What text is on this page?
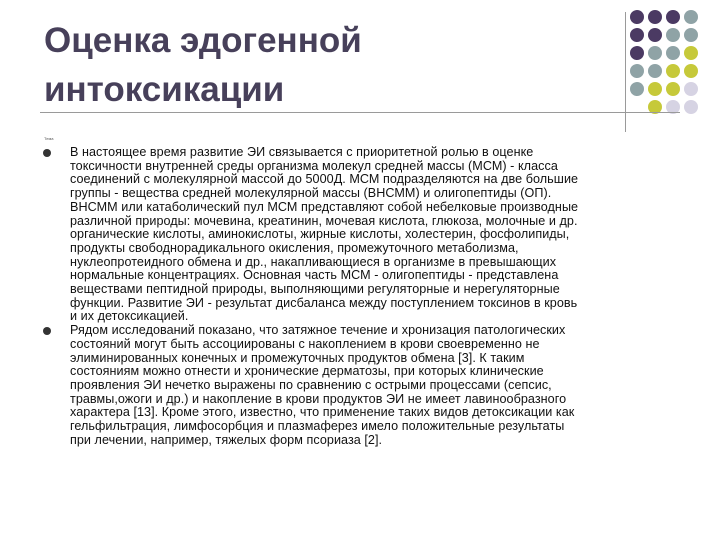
Оценка эдогенной
интоксикации
Тема
В настоящее время развитие ЭИ связывается с приоритетной ролью в оценке
токсичности внутренней среды организма молекул средней массы (МСМ) - класса
соединений с молекулярной массой до 5000Д. МСМ подразделяются на две большие
группы - вещества средней молекулярной массы (ВНСММ) и олигопептиды (ОП).
ВНСММ или катаболический пул МСМ представляют собой небелковые производные
различной природы: мочевина, креатинин, мочевая кислота, глюкоза, молочные и др.
органические кислоты, аминокислоты, жирные кислоты, холестерин, фосфолипиды,
продукты свободнорадикального окисления, промежуточного метаболизма,
нуклеопротеидного обмена и др., накапливающиеся в организме в превышающих
нормальные концентрациях. Основная часть МСМ - олигопептиды - представлена
веществами пептидной природы, выполняющими регуляторные и нерегуляторные
функции. Развитие ЭИ - результат дисбаланса между поступлением токсинов в кровь
и их детоксикацией.
Рядом исследований показано, что затяжное течение и хронизация патологических
состояний могут быть ассоциированы с накоплением в крови своевременно не
элиминированных конечных и промежуточных продуктов обмена [3]. К таким
состояниям можно отнести и хронические дерматозы, при которых клинические
проявления ЭИ нечетко выражены по сравнению с острыми процессами (сепсис,
травмы,ожоги и др.) и накопление в крови продуктов ЭИ не имеет лавинообразного
характера [13]. Кроме этого, известно, что применение таких видов детоксикации как
гельфильтрация, лимфосорбция и плазмаферез имело положительные результаты
при лечении, например, тяжелых форм псориаза [2].
